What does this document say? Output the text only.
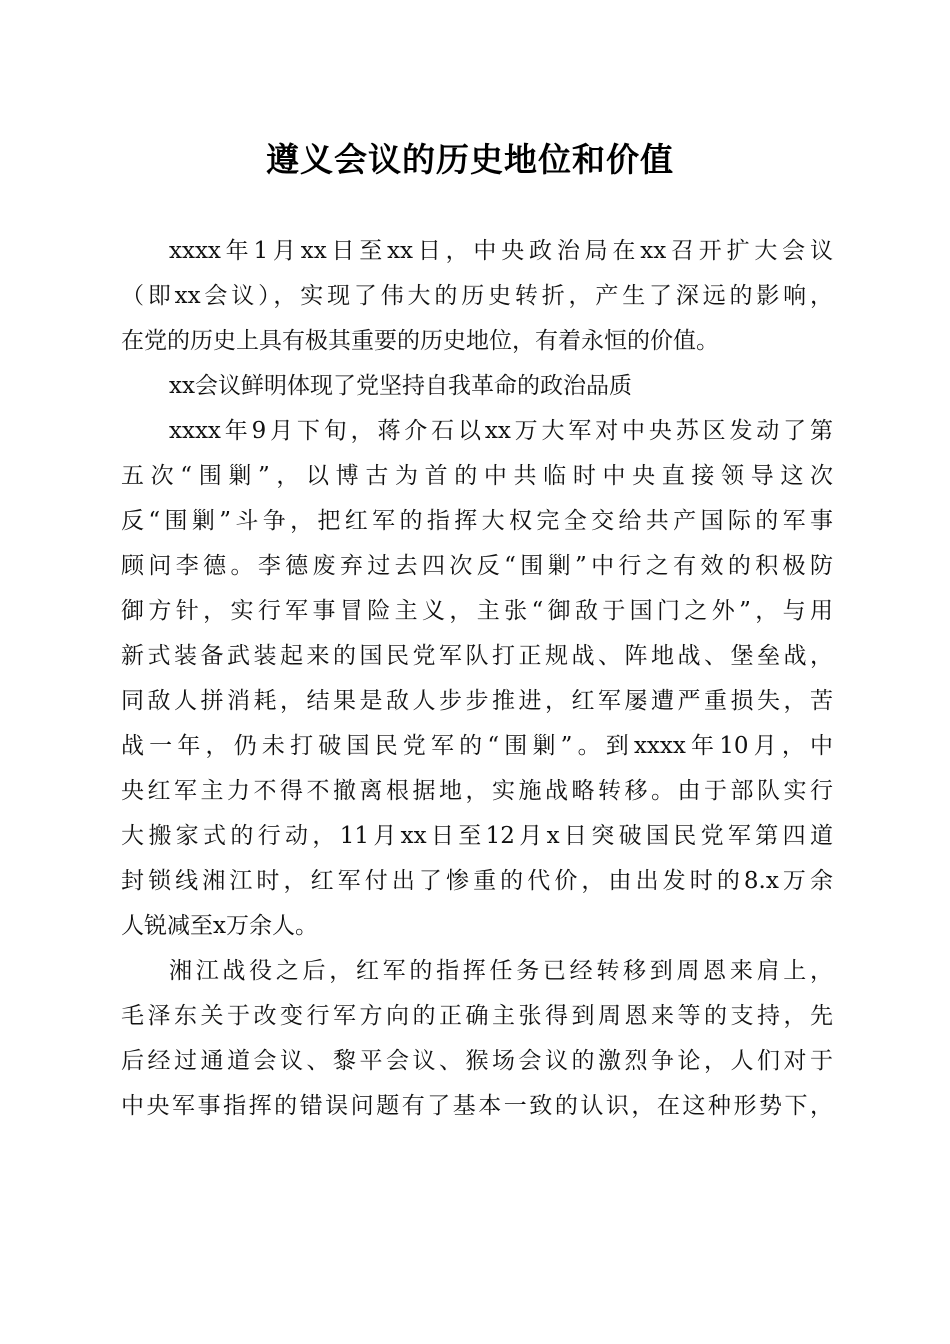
遵义会议的历史地位和价值
xxxx年1月xx日至xx日，中央政治局在xx召开扩大会议
（即xx会议），实现了伟大的历史转折，产生了深远的影响，
在党的历史上具有极其重要的历史地位，有着永恒的价值。
xx会议鲜明体现了党坚持自我革命的政治品质
xxxx年9月下旬，蒋介石以xx万大军对中央苏区发动了第
五次“围剿”，以博古为首的中共临时中央直接领导这次
反“围剿”斗争，把红军的指挥大权完全交给共产国际的军事
顾问李德。李德废弃过去四次反“围剿”中行之有效的积极防
御方针，实行军事冒险主义，主张“御敌于国门之外”，与用
新式装备武装起来的国民党军队打正规战、阵地战、堡垒战，
同敌人拼消耗，结果是敌人步步推进，红军屡遭严重损失，苦
战一年，仍未打破国民党军的“围剿”。到xxxx年10月，中
央红军主力不得不撤离根据地，实施战略转移。由于部队实行
大搬家式的行动，11月xx日至12月x日突破国民党军第四道
封锁线湘江时，红军付出了惨重的代价，由出发时的8.x万余
人锐减至x万余人。
湘江战役之后，红军的指挥任务已经转移到周恩来肩上，
毛泽东关于改变行军方向的正确主张得到周恩来等的支持，先
后经过通道会议、黎平会议、猴场会议的激烈争论，人们对于
中央军事指挥的错误问题有了基本一致的认识，在这种形势下，
